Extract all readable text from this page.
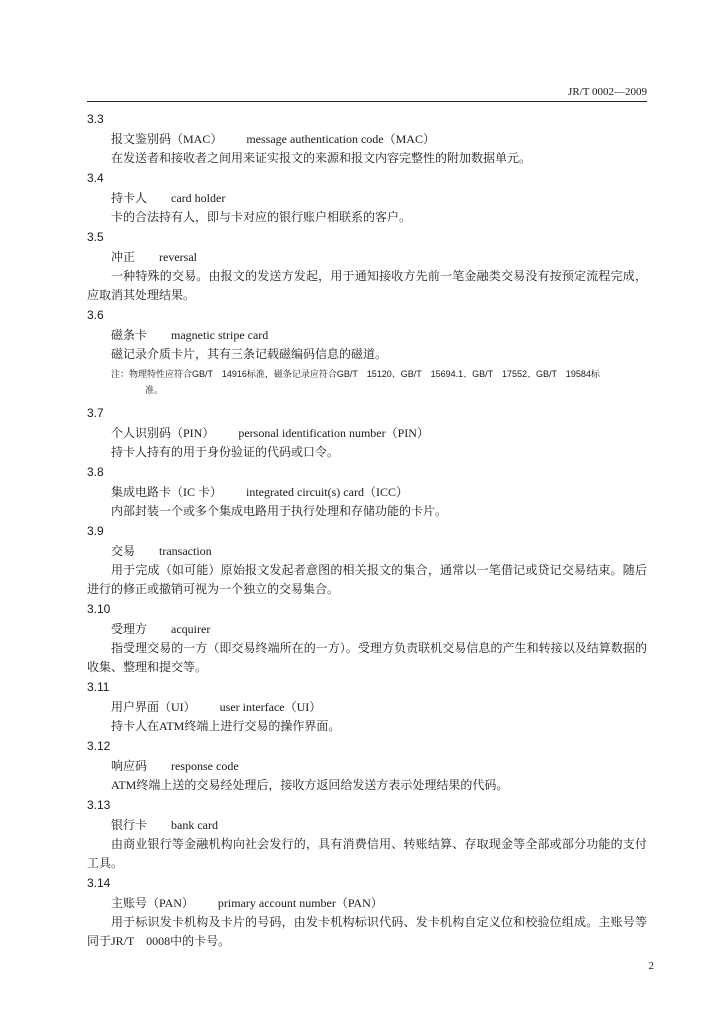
JR/T 0002—2009
3.3
报文鉴别码（MAC） message authentication code（MAC）
在发送者和接收者之间用来证实报文的来源和报文内容完整性的附加数据单元。
3.4
持卡人 card holder
卡的合法持有人，即与卡对应的银行账户相联系的客户。
3.5
冲正 reversal
一种特殊的交易。由报文的发送方发起，用于通知接收方先前一笔金融类交易没有按预定流程完成，应取消其处理结果。
3.6
磁条卡 magnetic stripe card
磁记录介质卡片，其有三条记载磁编码信息的磁道。
注：物理特性应符合GB/T　14916标准，磁条记录应符合GB/T　15120、GB/T　15694.1、GB/T　17552、GB/T　19584标
准。
3.7
个人识别码（PIN） personal identification number（PIN）
持卡人持有的用于身份验证的代码或口令。
3.8
集成电路卡（IC 卡） integrated circuit(s) card（ICC）
内部封装一个或多个集成电路用于执行处理和存储功能的卡片。
3.9
交易 transaction
用于完成（如可能）原始报文发起者意图的相关报文的集合，通常以一笔借记或贷记交易结束。随后进行的修正或撤销可视为一个独立的交易集合。
3.10
受理方 acquirer
指受理交易的一方（即交易终端所在的一方）。受理方负责联机交易信息的产生和转接以及结算数据的收集、整理和提交等。
3.11
用户界面（UI） user interface（UI）
持卡人在ATM终端上进行交易的操作界面。
3.12
响应码 response code
ATM终端上送的交易经处理后，接收方返回给发送方表示处理结果的代码。
3.13
银行卡 bank card
由商业银行等金融机构向社会发行的，具有消费信用、转账结算、存取现金等全部或部分功能的支付工具。
3.14
主账号（PAN） primary account number（PAN）
用于标识发卡机构及卡片的号码，由发卡机构标识代码、发卡机构自定义位和校验位组成。主账号等同于JR/T　0008中的卡号。
2
